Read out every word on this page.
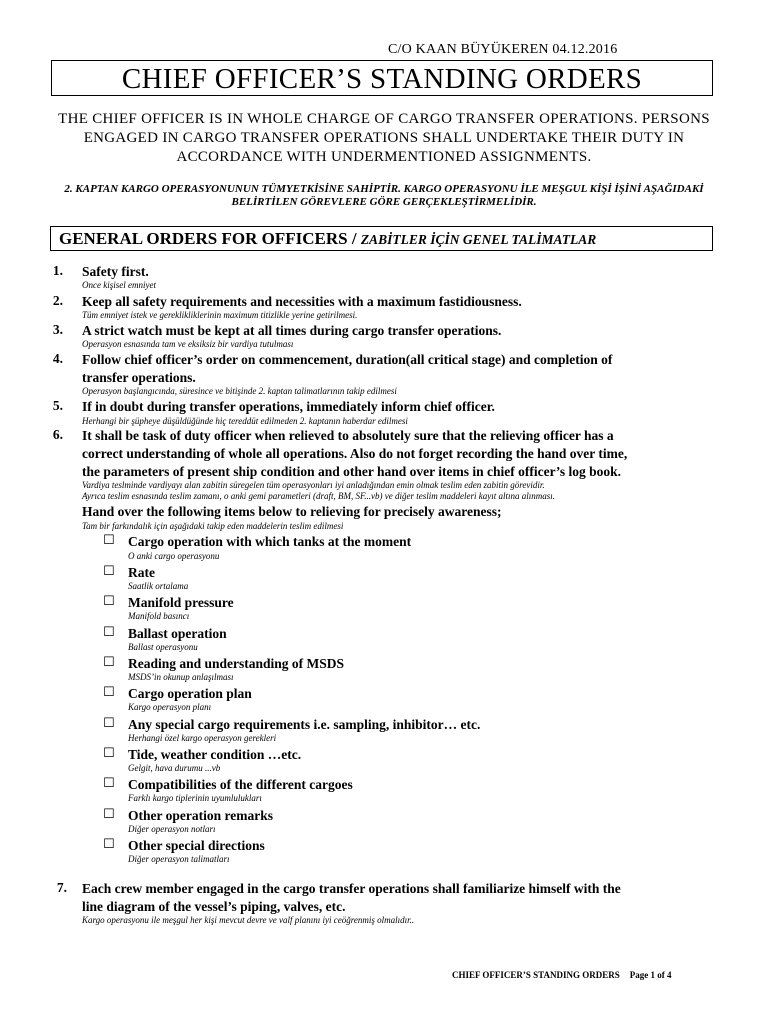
C/O KAAN BÜYÜKEREN 04.12.2016
CHIEF OFFICER’S STANDING ORDERS
THE CHIEF OFFICER IS IN WHOLE CHARGE OF CARGO TRANSFER OPERATIONS. PERSONS ENGAGED IN CARGO TRANSFER OPERATIONS SHALL UNDERTAKE THEIR DUTY IN ACCORDANCE WITH UNDERMENTIONED ASSIGNMENTS.
2. KAPTAN KARGO OPERASYONUNUN TÜMYETKİSİNE SAHİPTİR. KARGO OPERASYONU İLE MEŞGUL KİŞİ İŞİNİ AŞAĞIDAKİ BELİRTİLEN GÖREVLERE GÖRE GERÇEKLEŞTİRMELİDİR.
GENERAL ORDERS FOR OFFICERS / ZABİTLER İÇİN GENEL TALİMATLAR
1. Safety first.
Once kişisel emniyet
2. Keep all safety requirements and necessities with a maximum fastidiousness.
Tüm emniyet istek ve gereklikliklerinin maximum titizlikle yerine getirilmesi.
3. A strict watch must be kept at all times during cargo transfer operations.
Operasyon esnasında tam ve eksiksiz bir vardiya tutulması
4. Follow chief officer’s order on commencement, duration(all critical stage) and completion of
transfer operations.
Operasyon başlangıcında, süresince ve bitişinde 2. kaptan talimatlarının takip edilmesi
5. If in doubt during transfer operations, immediately inform chief officer.
Herhangi bir şüpheye düşüldüğünde hiç tereddüt edilmeden 2. kaptanın haberdar edilmesi
6. It shall be task of duty officer when relieved to absolutely sure that the relieving officer has a
correct understanding of whole all operations. Also do not forget recording the hand over time,
the parameters of present ship condition and other hand over items in chief officer’s log book.
Vardiya teslminde vardiyayı alan zabitin süregelen tüm operasyonları iyi anladığından emin olmak teslim eden zabitin görevidir.
Ayrıca teslim esnasında teslim zamanı, o anki gemi parametleri (draft, BM, SF...vb) ve diğer teslim maddeleri kayıt altına alınması.
Hand over the following items below to relieving for precisely awareness;
Tam bir farkındalık için aşağıdaki takip eden maddelerin teslim edilmesi
☐ Cargo operation with which tanks at the moment
O anki cargo operasyonu
☐ Rate
Saatlik ortalama
☐ Manifold pressure
Manifold basıncı
☐ Ballast operation
Ballast operasyonu
☐ Reading and understanding of MSDS
MSDS’in okunup anlaşılması
☐ Cargo operation plan
Kargo operasyon planı
☐ Any special cargo requirements i.e. sampling, inhibitor… etc.
Herhangi özel kargo operasyon gerekleri
☐ Tide, weather condition …etc.
Gelgit, hava durumu ...vb
☐ Compatibilities of the different cargoes
Farklı kargo tiplerinin uyumlulukları
☐ Other operation remarks
Diğer operasyon notları
☐ Other special directions
Diğer operasyon talimatları
7. Each crew member engaged in the cargo transfer operations shall familiarize himself with the
line diagram of the vessel’s piping, valves, etc.
Kargo operasyonu ile meşgul her kişi mevcut devre ve valf planını iyi ceöğrenmiş olmalıdır..
CHIEF OFFICER’S STANDING ORDERS Page 1 of 4
